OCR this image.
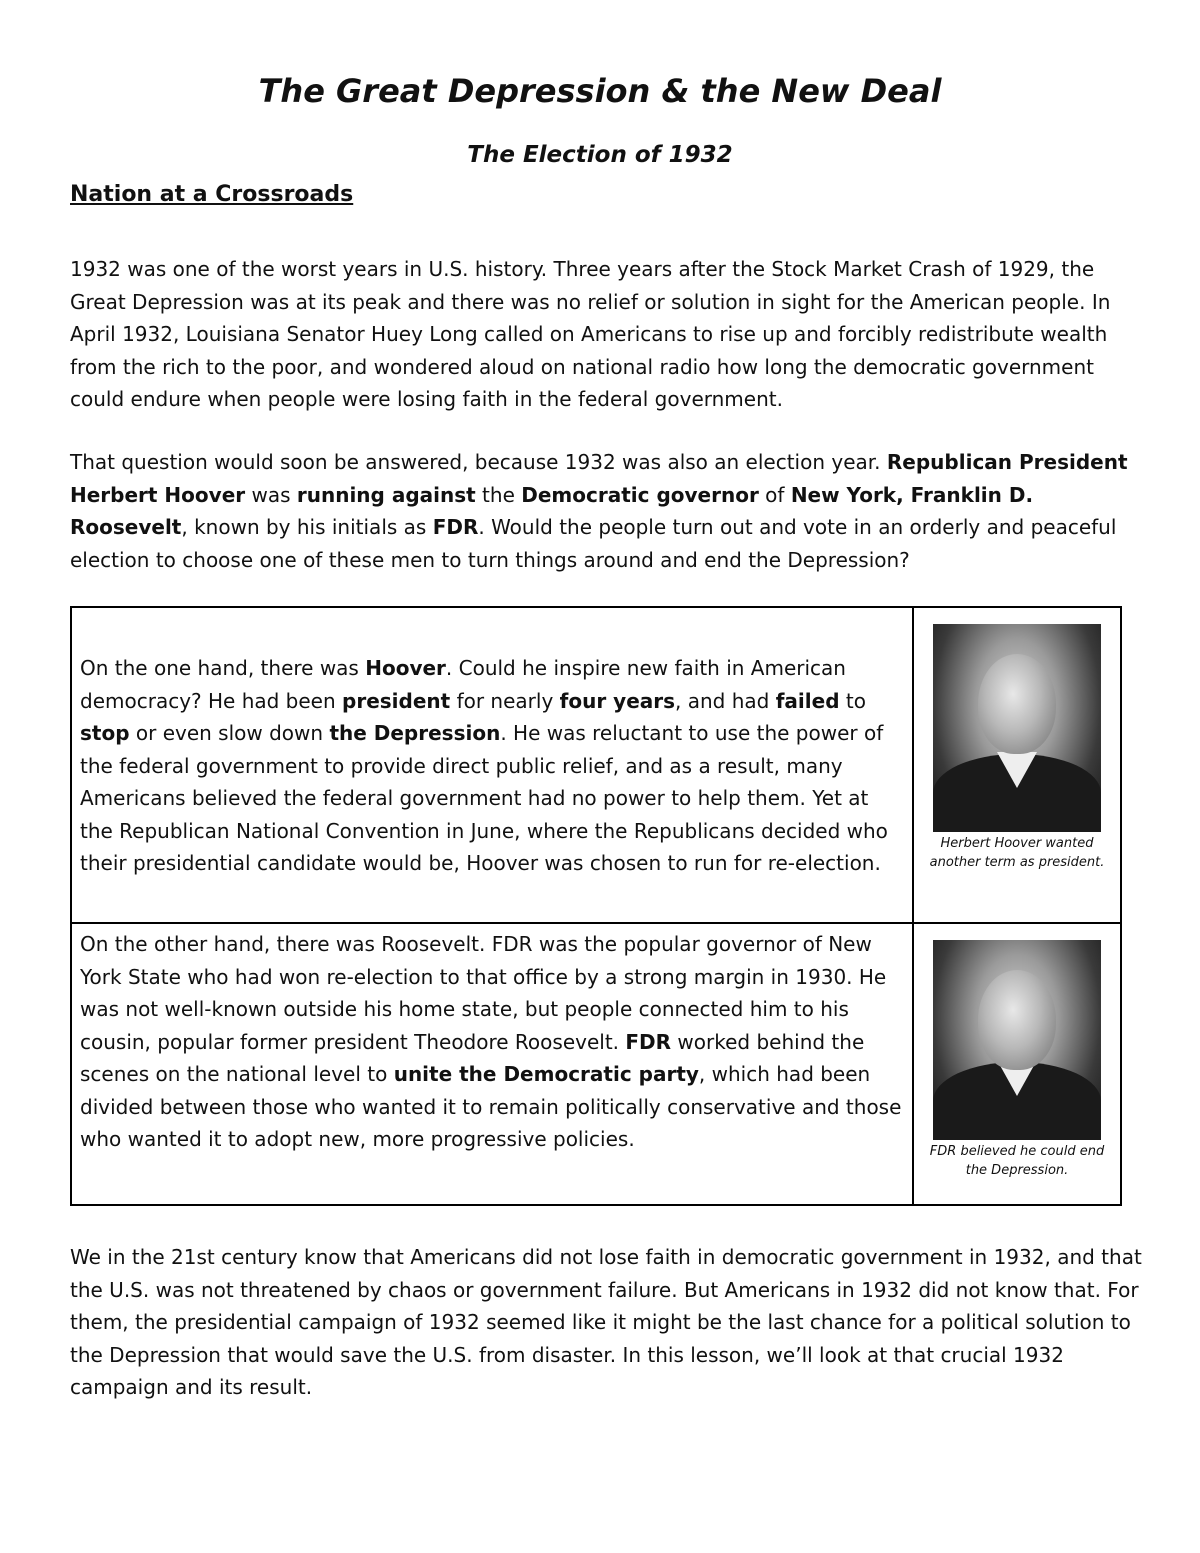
The Great Depression & the New Deal
The Election of 1932
Nation at a Crossroads

1932 was one of the worst years in U.S. history. Three years after the Stock Market Crash of 1929, the Great Depression was at its peak and there was no relief or solution in sight for the American people. In April 1932, Louisiana Senator Huey Long called on Americans to rise up and forcibly redistribute wealth from the rich to the poor, and wondered aloud on national radio how long the democratic government could endure when people were losing faith in the federal government.

That question would soon be answered, because 1932 was also an election year. Republican President Herbert Hoover was running against the Democratic governor of New York, Franklin D. Roosevelt, known by his initials as FDR. Would the people turn out and vote in an orderly and peaceful election to choose one of these men to turn things around and end the Depression?

On the one hand, there was Hoover. Could he inspire new faith in American democracy? He had been president for nearly four years, and had failed to stop or even slow down the Depression. He was reluctant to use the power of the federal government to provide direct public relief, and as a result, many Americans believed the federal government had no power to help them. Yet at the Republican National Convention in June, where the Republicans decided who their presidential candidate would be, Hoover was chosen to run for re-election.	Herbert Hoover wanted another term as president.

On the other hand, there was Roosevelt. FDR was the popular governor of New York State who had won re-election to that office by a strong margin in 1930. He was not well-known outside his home state, but people connected him to his cousin, popular former president Theodore Roosevelt. FDR worked behind the scenes on the national level to unite the Democratic party, which had been divided between those who wanted it to remain politically conservative and those who wanted it to adopt new, more progressive policies.	FDR believed he could end the Depression.

We in the 21st century know that Americans did not lose faith in democratic government in 1932, and that the U.S. was not threatened by chaos or government failure. But Americans in 1932 did not know that. For them, the presidential campaign of 1932 seemed like it might be the last chance for a political solution to the Depression that would save the U.S. from disaster. In this lesson, we’ll look at that crucial 1932 campaign and its result.
